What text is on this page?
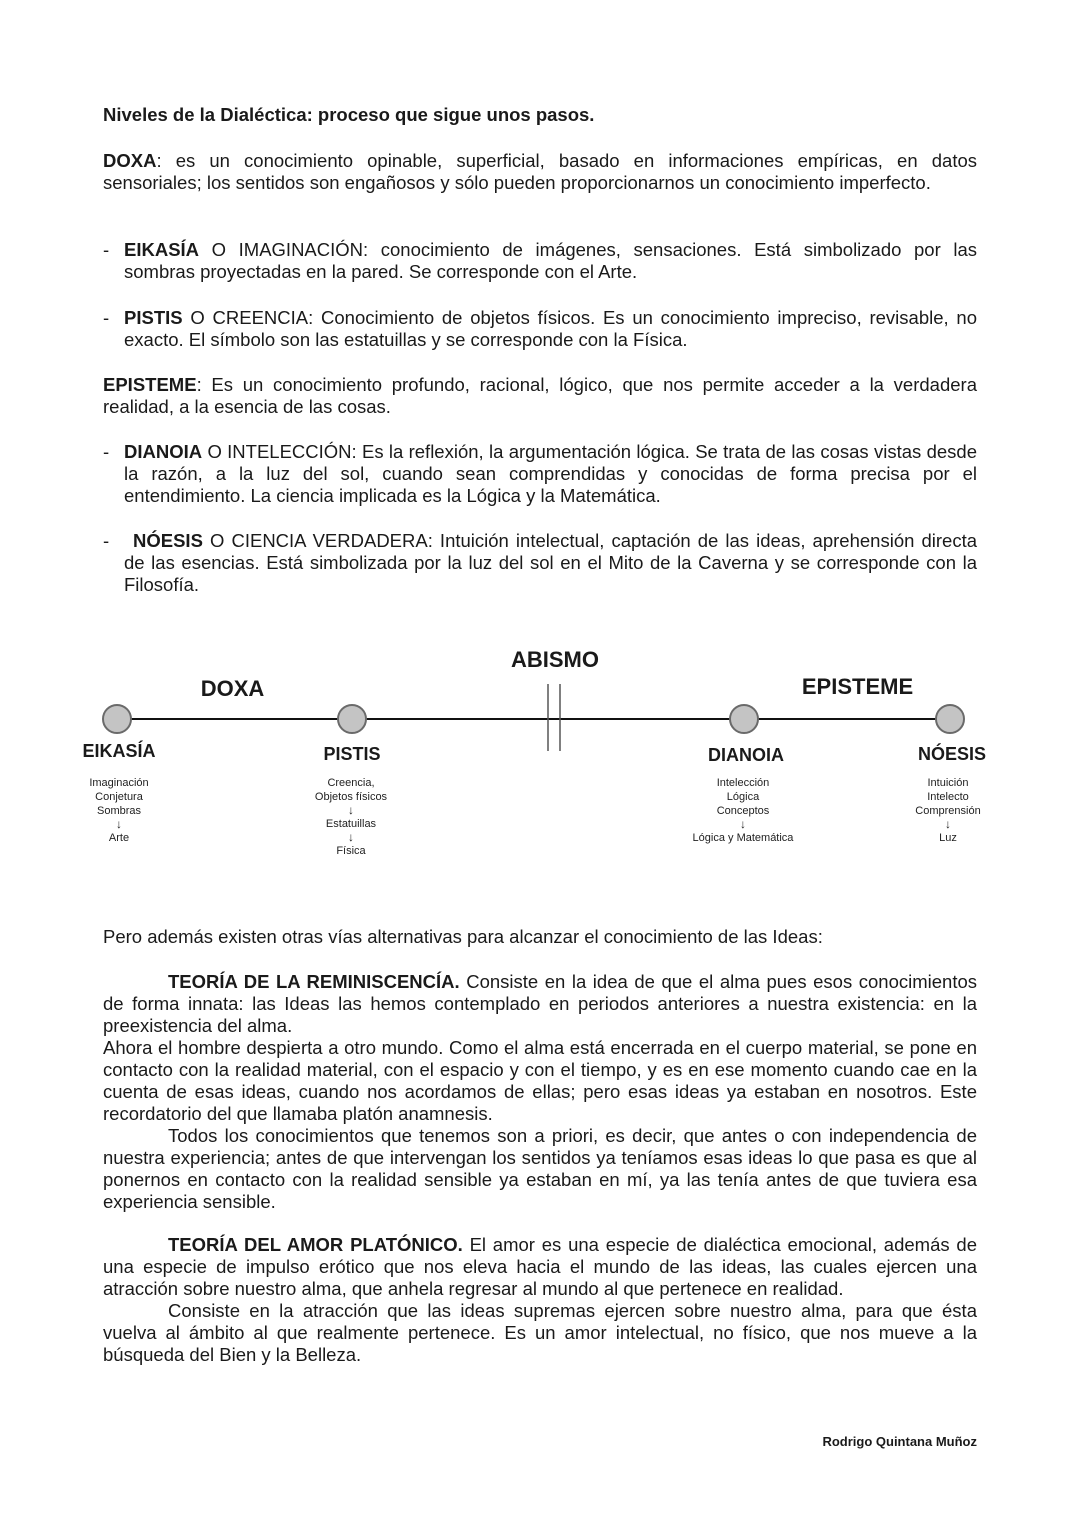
Niveles de la Dialéctica: proceso que sigue unos pasos.

DOXA: es un conocimiento opinable, superficial, basado en informaciones empíricas, en datos sensoriales; los sentidos son engañosos y sólo pueden proporcionarnos un conocimiento imperfecto.

- EIKASÍA O IMAGINACIÓN: conocimiento de imágenes, sensaciones. Está simbolizado por las sombras proyectadas en la pared. Se corresponde con el Arte.

- PISTIS O CREENCIA: Conocimiento de objetos físicos. Es un conocimiento impreciso, revisable, no exacto. El símbolo son las estatuillas y se corresponde con la Física.

EPISTEME: Es un conocimiento profundo, racional, lógico, que nos permite acceder a la verdadera realidad, a la esencia de las cosas.

- DIANOIA O INTELECCIÓN: Es la reflexión, la argumentación lógica. Se trata de las cosas vistas desde la razón, a la luz del sol, cuando sean comprendidas y conocidas de forma precisa por el entendimiento. La ciencia implicada es la Lógica y la Matemática.

-	NÓESIS O CIENCIA VERDADERA: Intuición intelectual, captación de las ideas, aprehensión directa de las esencias. Está simbolizada por la luz del sol en el Mito de la Caverna y se corresponde con la Filosofía.

Pero además existen otras vías alternativas para alcanzar el conocimiento de las Ideas:

TEORÍA DE LA REMINISCENCÍA. Consiste en la idea de que el alma pues esos conocimientos de forma innata: las Ideas las hemos contemplado en periodos anteriores a nuestra existencia: en la preexistencia del alma.

Ahora el hombre despierta a otro mundo. Como el alma está encerrada en el cuerpo material, se pone en contacto con la realidad material, con el espacio y con el tiempo, y es en ese momento cuando cae en la cuenta de esas ideas, cuando nos acordamos de ellas; pero esas ideas ya estaban en nosotros. Este recordatorio del que llamaba platón anamnesis.

Todos los conocimientos que tenemos son a priori, es decir, que antes o con independencia de nuestra experiencia; antes de que intervengan los sentidos ya teníamos esas ideas lo que pasa es que al ponernos en contacto con la realidad sensible ya estaban en mí, ya las tenía antes de que tuviera esa experiencia sensible.

TEORÍA DEL AMOR PLATÓNICO. El amor es una especie de dialéctica emocional, además de una especie de impulso erótico que nos eleva hacia el mundo de las ideas, las cuales ejercen una atracción sobre nuestro alma, que anhela regresar al mundo al que pertenece en realidad.

Consiste en la atracción que las ideas supremas ejercen sobre nuestro alma, para que ésta vuelva al ámbito al que realmente pertenece. Es un amor intelectual, no físico, que nos mueve a la búsqueda del Bien y la Belleza.

DOXA
ABISMO
EPISTEME
EIKASÍA	PISTIS	DIANOIA	NÓESIS
Imaginación
Conjetura
Sombras
↓
Arte
Creencia,
Objetos físicos
↓
Estatuillas
↓
Física
Intelección
Lógica
Conceptos
↓
Lógica y Matemática
Intuición
Intelecto
Comprensión
↓
Luz
Rodrigo Quintana Muñoz
